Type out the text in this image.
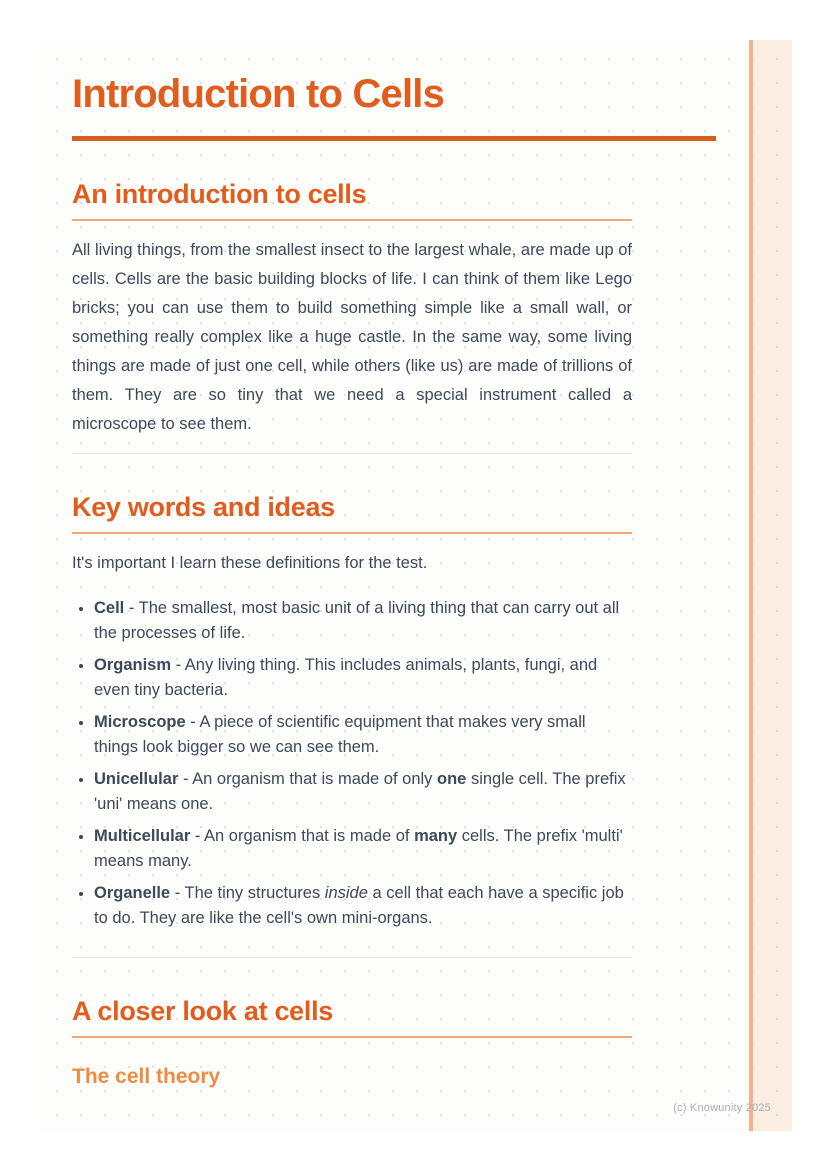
Introduction to Cells
An introduction to cells

All living things, from the smallest insect to the largest whale, are made up of cells. Cells are the basic building blocks of life. I can think of them like Lego bricks; you can use them to build something simple like a small wall, or something really complex like a huge castle. In the same way, some living things are made of just one cell, while others (like us) are made of trillions of them. They are so tiny that we need a special instrument called a microscope to see them.

Key words and ideas

It's important I learn these definitions for the test.

• Cell - The smallest, most basic unit of a living thing that can carry out all the processes of life.
• Organism - Any living thing. This includes animals, plants, fungi, and even tiny bacteria.
• Microscope - A piece of scientific equipment that makes very small things look bigger so we can see them.
• Unicellular - An organism that is made of only one single cell. The prefix 'uni' means one.
• Multicellular - An organism that is made of many cells. The prefix 'multi' means many.
• Organelle - The tiny structures inside a cell that each have a specific job to do. They are like the cell's own mini-organs.
A closer look at cells
The cell theory
(c) Knowunity 2025
